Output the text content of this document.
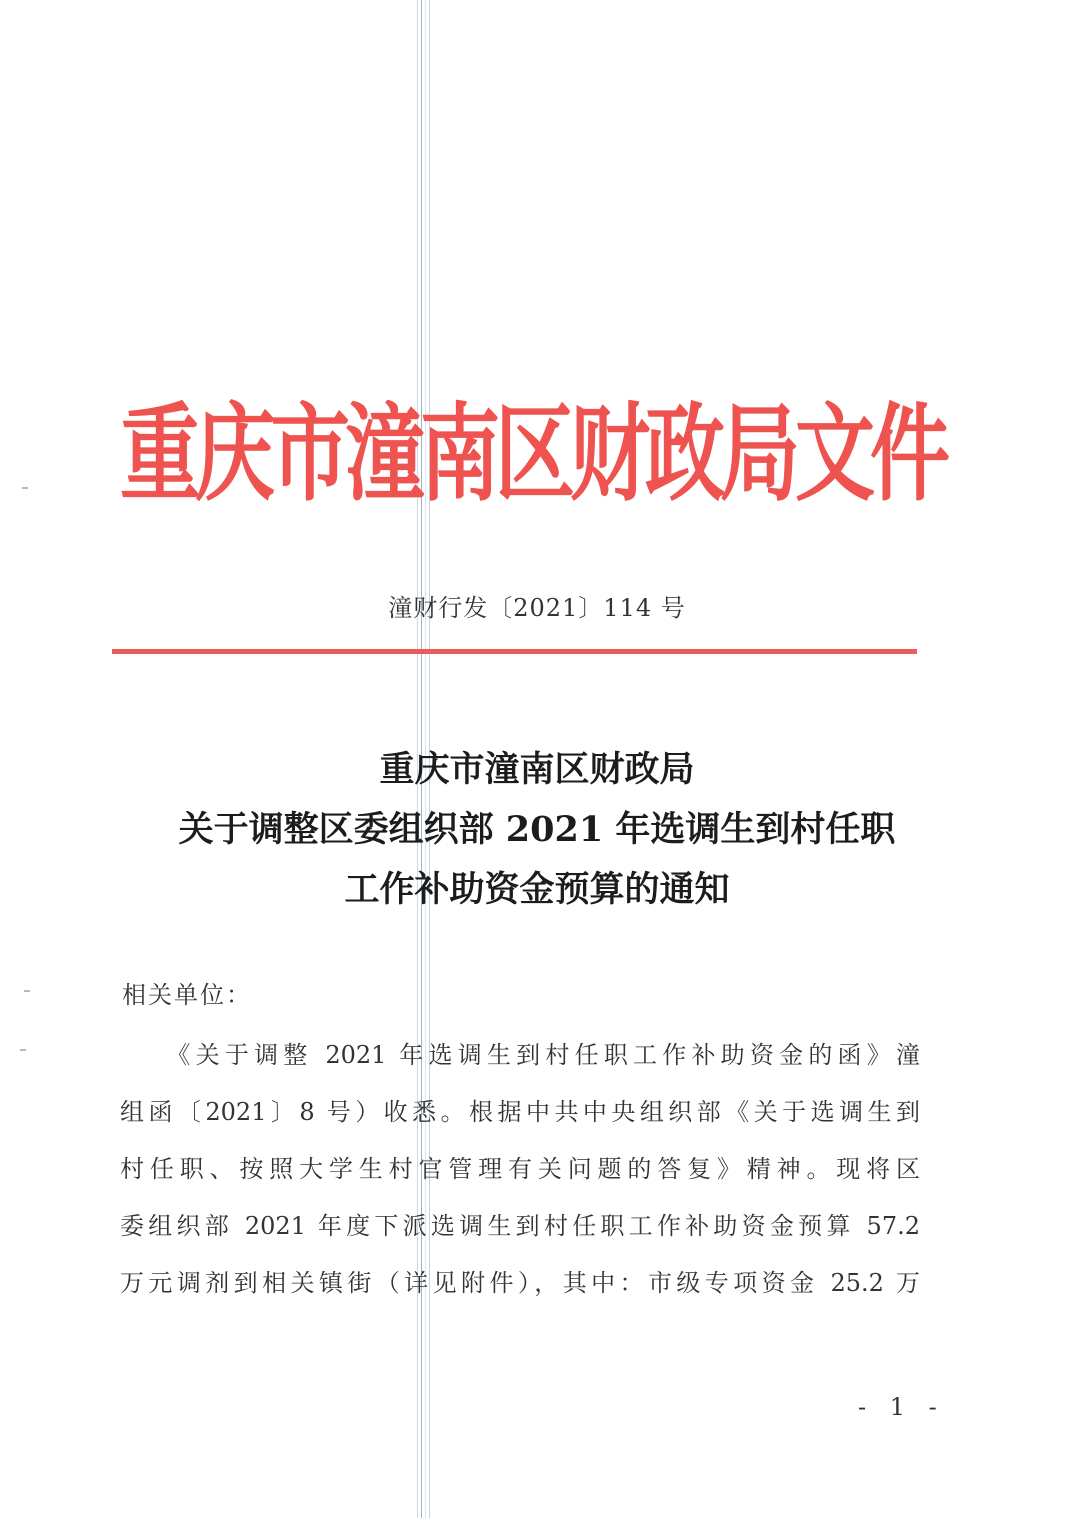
重庆市潼南区财政局文件
潼财行发〔2021〕114 号
重庆市潼南区财政局
关于调整区委组织部 2021 年选调生到村任职
工作补助资金预算的通知
相关单位：
　　《关于调整 2021 年选调生到村任职工作补助资金的函》潼
组函〔2021〕8 号）收悉。根据中共中央组织部《关于选调生到
村任职、按照大学生村官管理有关问题的答复》精神。现将区
委组织部 2021 年度下派选调生到村任职工作补助资金预算 57.2
万元调剂到相关镇街（详见附件），其中：市级专项资金 25.2 万
- 1 -
